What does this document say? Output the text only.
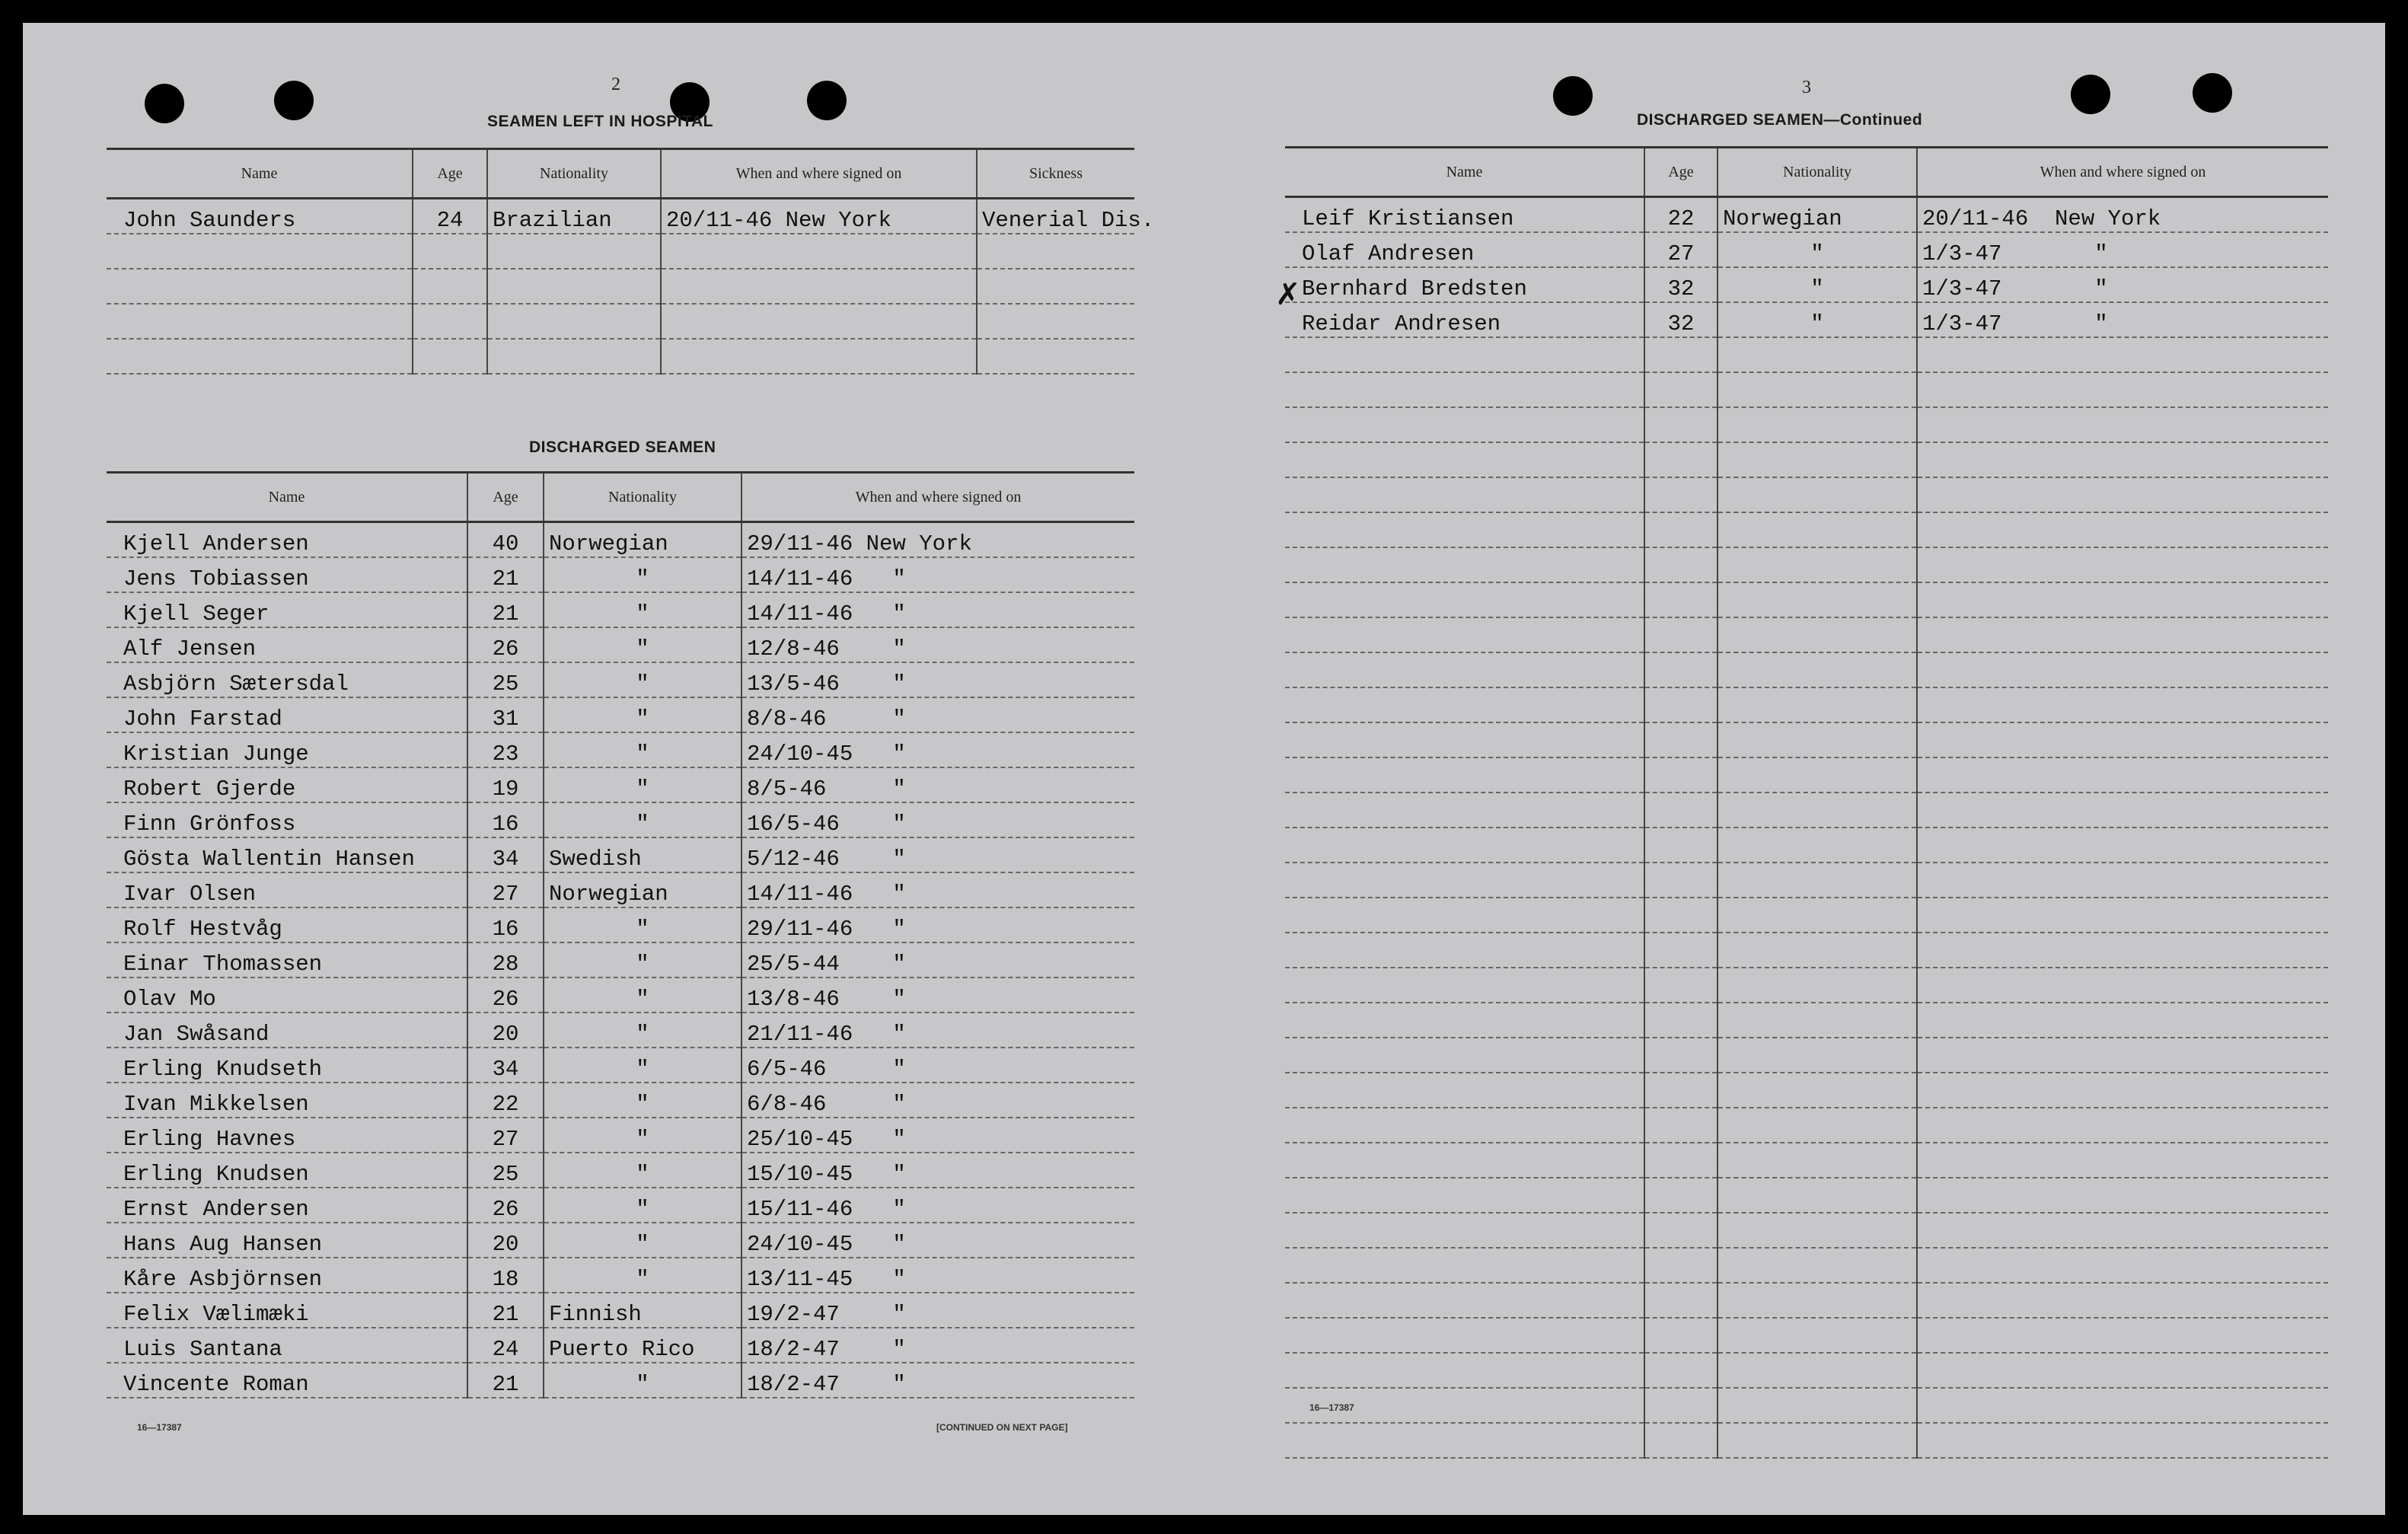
2
SEAMEN LEFT IN HOSPITAL
Name	Age	Nationality	When and where signed on	Sickness
John Saunders	24	Brazilian	20/11-46 New York	Venerial Dis.

DISCHARGED SEAMEN
Name	Age	Nationality	When and where signed on
Kjell Andersen	40	Norwegian	29/11-46 New York
Jens Tobiassen	21	"	14/11-46   "
Kjell Seger	21	"	14/11-46   "
Alf Jensen	26	"	12/8-46    "
Asbjörn Sætersdal	25	"	13/5-46    "
John Farstad	31	"	8/8-46     "
Kristian Junge	23	"	24/10-45   "
Robert Gjerde	19	"	8/5-46     "
Finn Grönfoss	16	"	16/5-46    "
Gösta Wallentin Hansen	34	Swedish	5/12-46    "
Ivar Olsen	27	Norwegian	14/11-46   "
Rolf Hestvåg	16	"	29/11-46   "
Einar Thomassen	28	"	25/5-44    "
Olav Mo	26	"	13/8-46    "
Jan Swåsand	20	"	21/11-46   "
Erling Knudseth	34	"	6/5-46     "
Ivan Mikkelsen	22	"	6/8-46     "
Erling Havnes	27	"	25/10-45   "
Erling Knudsen	25	"	15/10-45   "
Ernst Andersen	26	"	15/11-46   "
Hans Aug Hansen	20	"	24/10-45   "
Kåre Asbjörnsen	18	"	13/11-45   "
Felix Vælimæki	21	Finnish	19/2-47    "
Luis Santana	24	Puerto Rico	18/2-47    "
Vincente Roman	21	"	18/2-47    "
16—17387	[CONTINUED ON NEXT PAGE]
3
DISCHARGED SEAMEN—Continued
Name	Age	Nationality	When and where signed on
Leif Kristiansen	22	Norwegian	20/11-46  New York
Olaf Andresen	27	"	1/3-47       "
Bernhard Bredsten	32	"	1/3-47       "
Reidar Andresen	32	"	1/3-47       "

✗
16—17387
